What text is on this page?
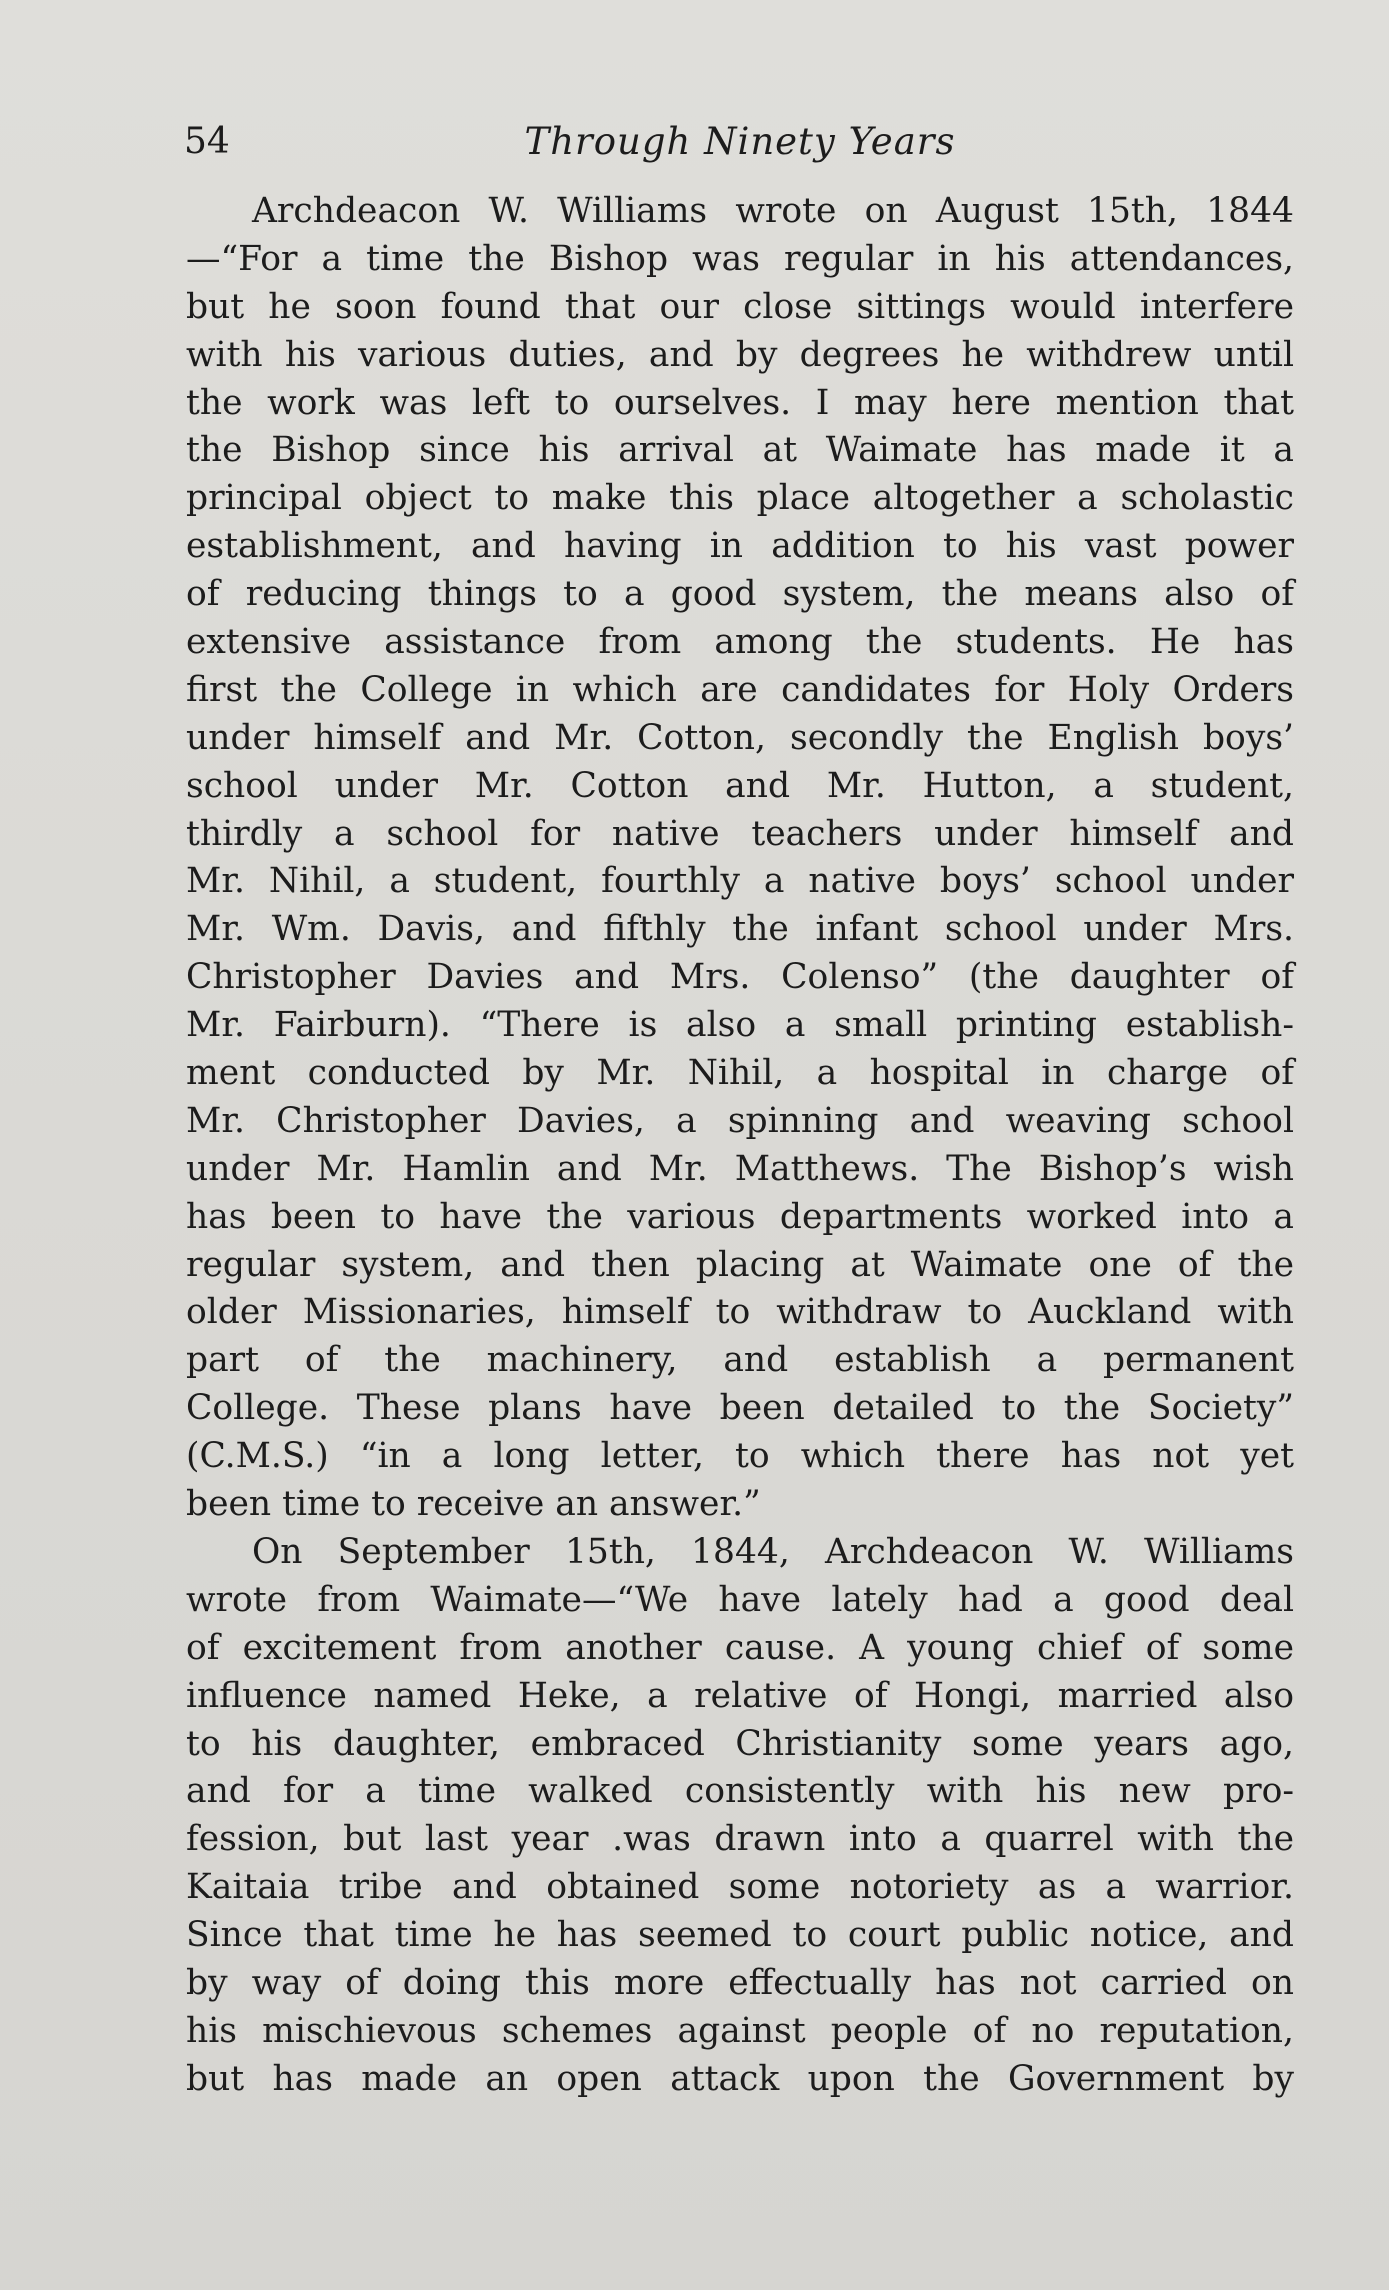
54	Through Ninety Years
Archdeacon W. Williams wrote on August 15th, 1844
—“For a time the Bishop was regular in his attendances,
but he soon found that our close sittings would interfere
with his various duties, and by degrees he withdrew until
the work was left to ourselves. I may here mention that
the Bishop since his arrival at Waimate has made it a
principal object to make this place altogether a scholastic
establishment, and having in addition to his vast power
of reducing things to a good system, the means also of
extensive assistance from among the students. He has
first the College in which are candidates for Holy Orders
under himself and Mr. Cotton, secondly the English boys’
school under Mr. Cotton and Mr. Hutton, a student,
thirdly a school for native teachers under himself and
Mr. Nihil, a student, fourthly a native boys’ school under
Mr. Wm. Davis, and fifthly the infant school under Mrs.
Christopher Davies and Mrs. Colenso” (the daughter of
Mr. Fairburn). “There is also a small printing establish-
ment conducted by Mr. Nihil, a hospital in charge of
Mr. Christopher Davies, a spinning and weaving school
under Mr. Hamlin and Mr. Matthews. The Bishop’s wish
has been to have the various departments worked into a
regular system, and then placing at Waimate one of the
older Missionaries, himself to withdraw to Auckland with
part of the machinery, and establish a permanent
College. These plans have been detailed to the Society”
(C.M.S.) “in a long letter, to which there has not yet
been time to receive an answer.”
On September 15th, 1844, Archdeacon W. Williams
wrote from Waimate—“We have lately had a good deal
of excitement from another cause. A young chief of some
influence named Heke, a relative of Hongi, married also
to his daughter, embraced Christianity some years ago,
and for a time walked consistently with his new pro-
fession, but last year .was drawn into a quarrel with the
Kaitaia tribe and obtained some notoriety as a warrior.
Since that time he has seemed to court public notice, and
by way of doing this more effectually has not carried on
his mischievous schemes against people of no reputation,
but has made an open attack upon the Government by
